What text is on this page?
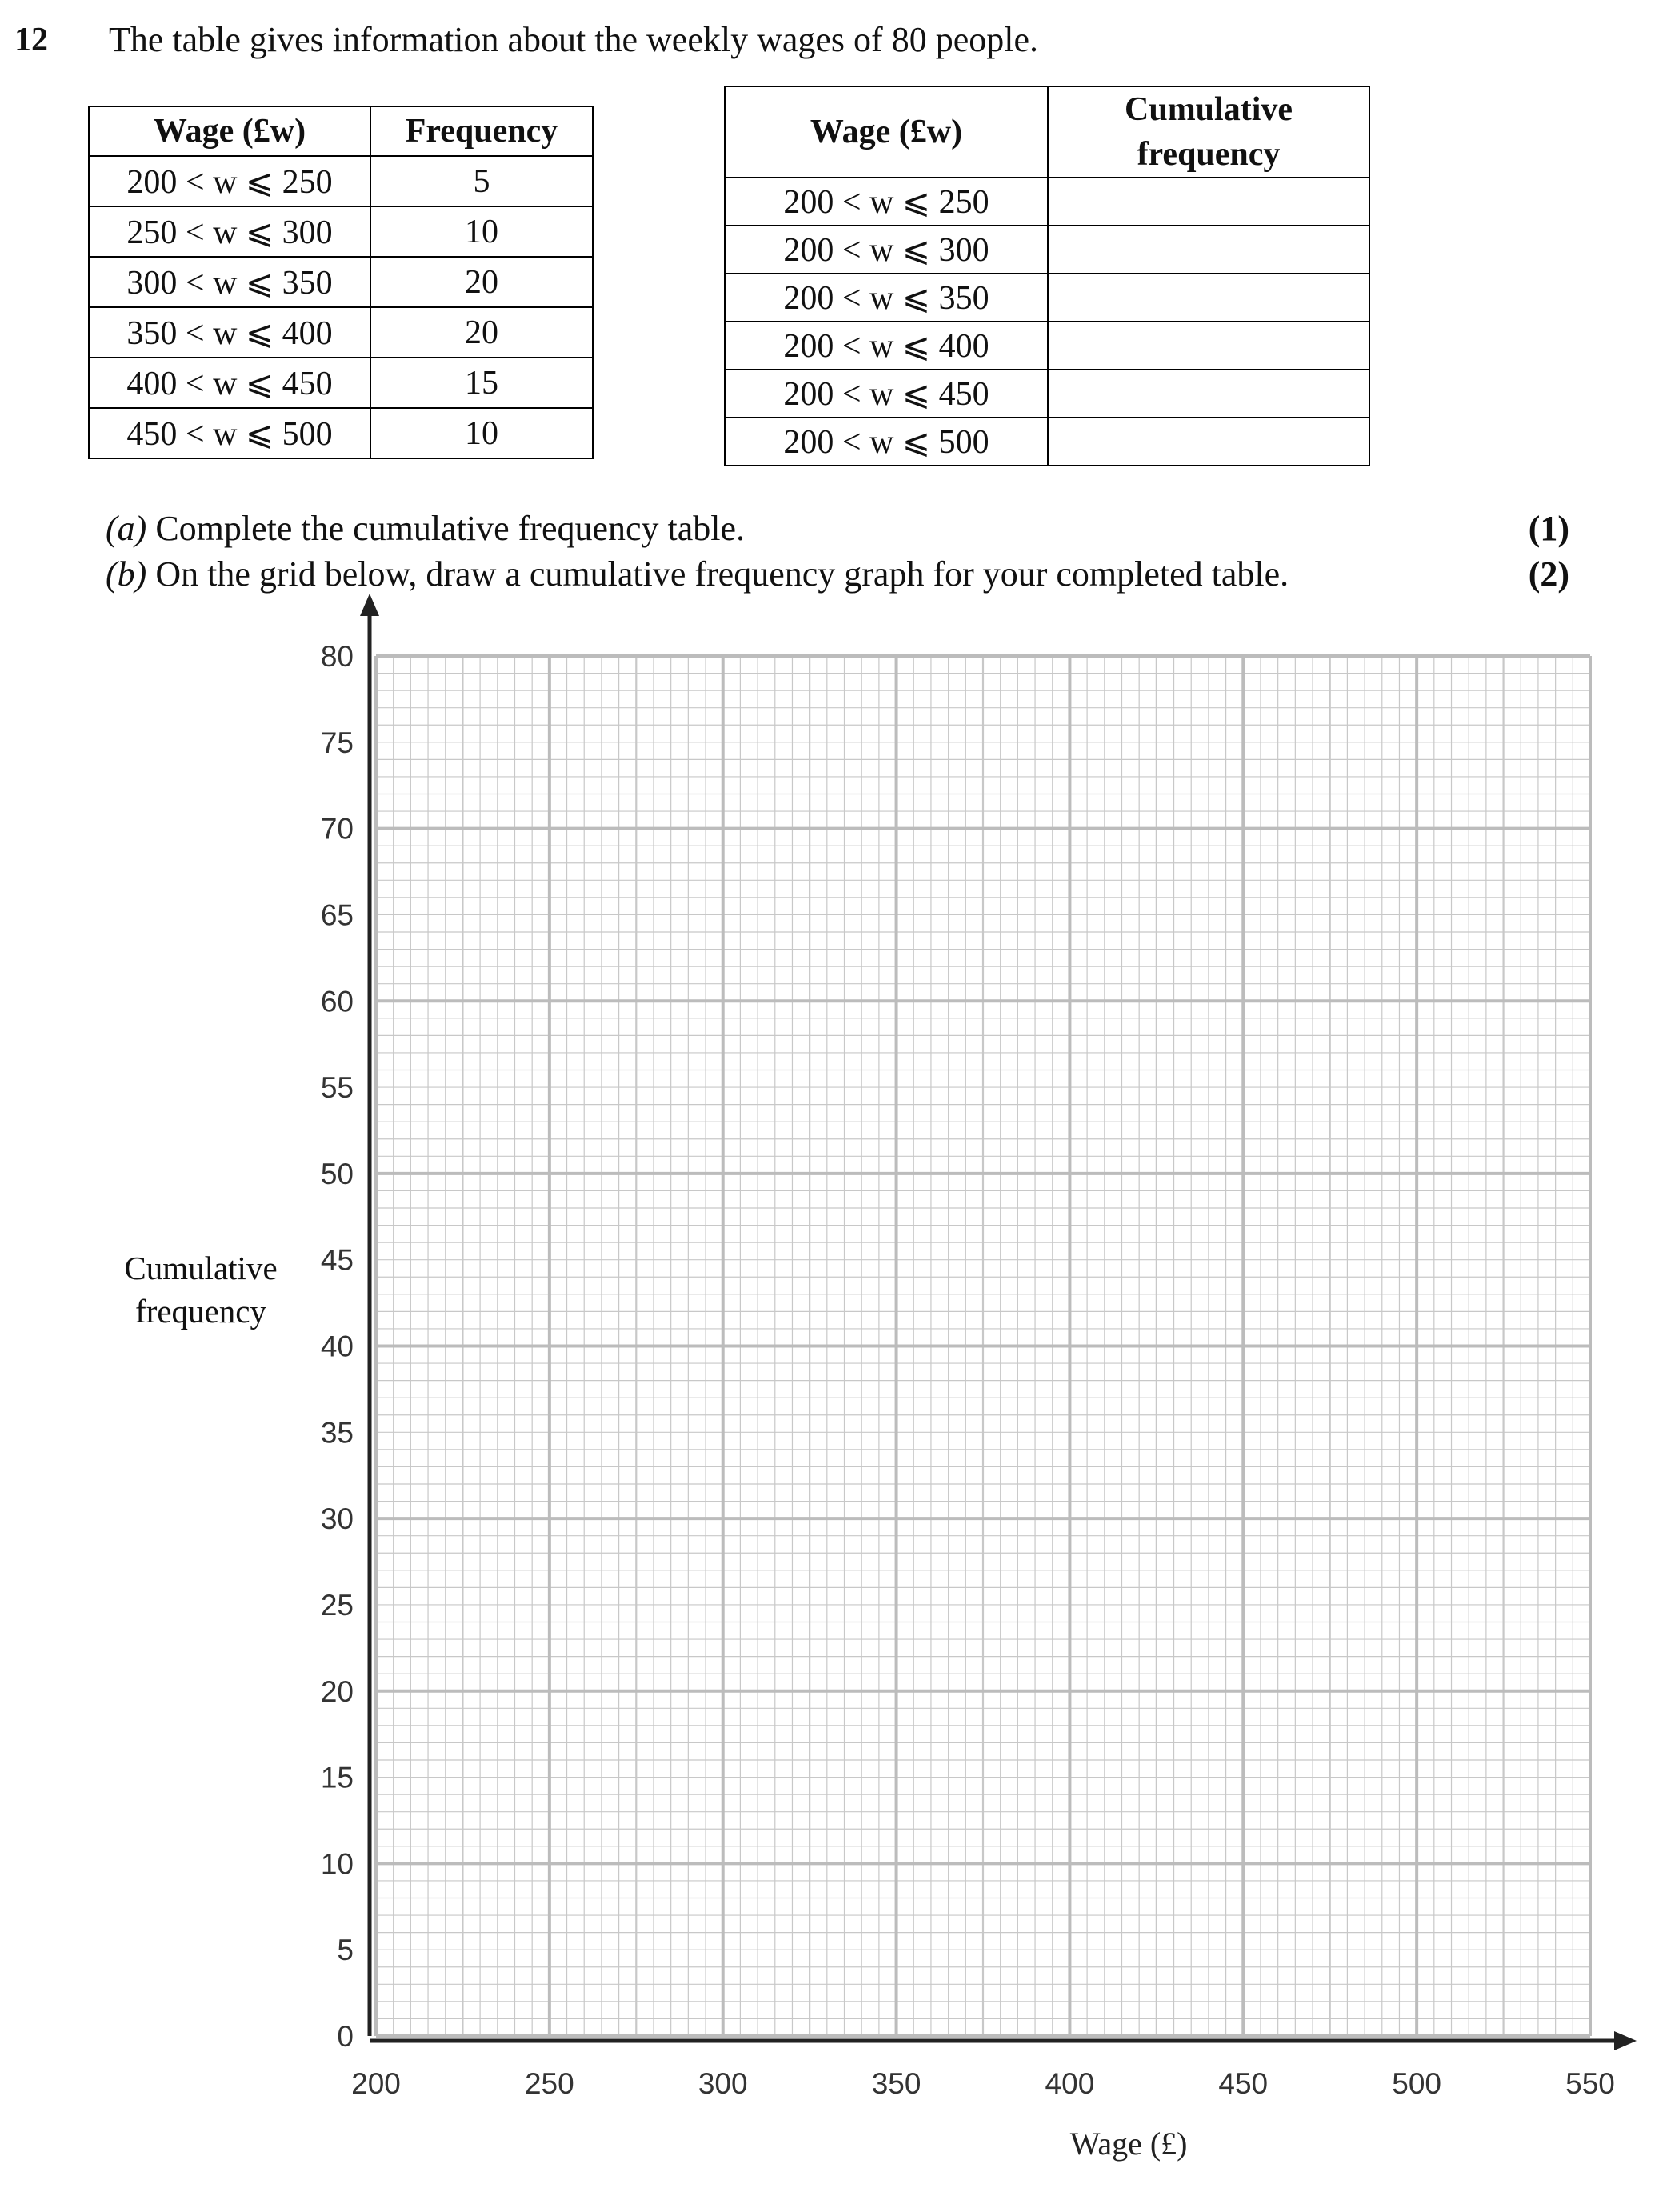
12 The table gives information about the weekly wages of 80 people.
Wage (£w)	Frequency
200 < w ⩽ 250	5
250 < w ⩽ 300	10
300 < w ⩽ 350	20
350 < w ⩽ 400	20
400 < w ⩽ 450	15
450 < w ⩽ 500	10
Wage (£w)	Cumulative frequency
200 < w ⩽ 250	
200 < w ⩽ 300	
200 < w ⩽ 350	
200 < w ⩽ 400	
200 < w ⩽ 450	
200 < w ⩽ 500	
(a) Complete the cumulative frequency table.	(1)
(b) On the grid below, draw a cumulative frequency graph for your completed table.	(2)
Cumulative frequency
0
5
10
15
20
25
30
35
40
45
50
55
60
65
70
75
80
200	250	300	350	400	450	500	550
Wage (£)
